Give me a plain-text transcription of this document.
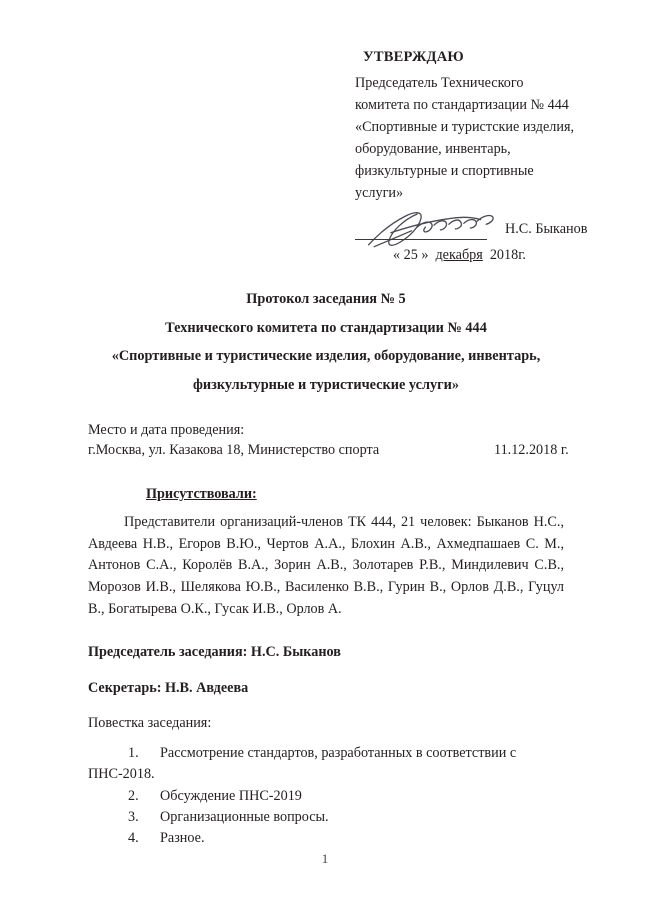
УТВЕРЖДАЮ

Председатель Технического

комитета по стандартизации № 444

«Спортивные и туристские изделия,

оборудование, инвентарь,

физкультурные и спортивные

услуги»

Н.С. Быканов
« 25 » декабря 2018г.

Протокол заседания № 5

Технического комитета по стандартизации № 444

«Спортивные и туристические изделия, оборудование, инвентарь,

физкультурные и туристические услуги»

Место и дата проведения:

г.Москва, ул. Казакова 18, Министерство спорта	11.12.2018 г.

Присутствовали:

Представители организаций-членов ТК 444, 21 человек: Быканов Н.С., Авдеева Н.В., Егоров В.Ю., Чертов А.А., Блохин А.В., Ахмедпашаев С. М., Антонов С.А., Королёв В.А., Зорин А.В., Золотарев Р.В., Миндилевич С.В., Морозов И.В., Шелякова Ю.В., Василенко В.В., Гурин В., Орлов Д.В., Гуцул В., Богатырева О.К., Гусак И.В., Орлов А.

Председатель заседания: Н.С. Быканов

Секретарь: Н.В. Авдеева

Повестка заседания:

1.	Рассмотрение стандартов, разработанных в соответствии с ПНС-2018.
2.	Обсуждение ПНС-2019
3.	Организационные вопросы.
4.	Разное.
1
